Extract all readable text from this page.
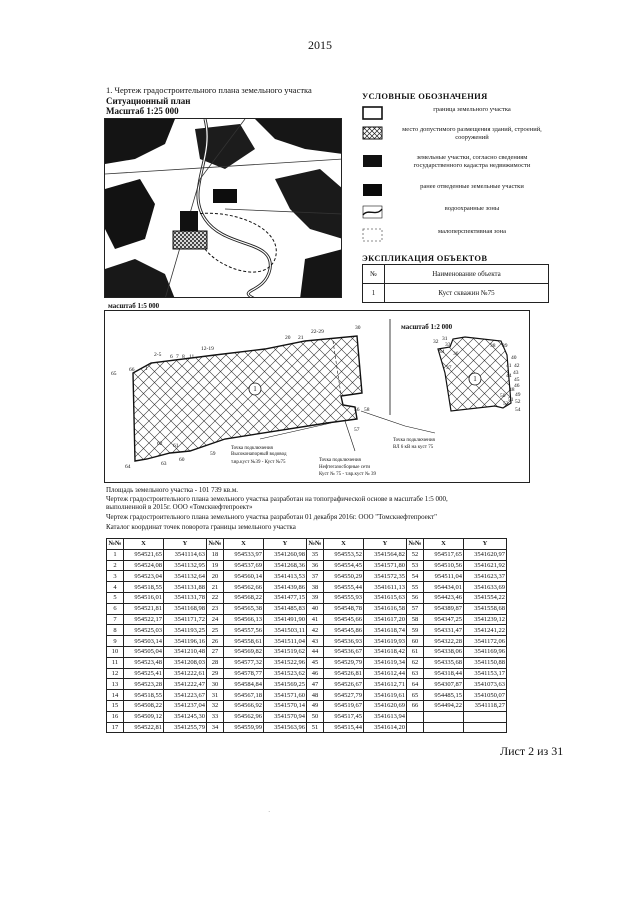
2015
1. Чертеж градостроительного плана земельного участка
Ситуационный план
Масштаб 1:25 000
УСЛОВНЫЕ ОБОЗНАЧЕНИЯ
граница земельного участка
место допустимого размещения зданий, строений, сооружений
земельные участки, согласно сведениям государственного кадастра недвижимости
ранее отведенные земельные участки
водоохранные зоны
малоперспективная зона
ЭКСПЛИКАЦИЯ ОБЪЕКТОВ
№	Наименование объекта
1	Куст скважин №75
масштаб 1:5 000
1
1
1
2-5 6 7 8 11
12-19
20 21
22-29
30
31
32 33
34 36
37
38 39
40
41 42
43
44
45
46
48
49
50
51 52
53
54
56
57
58
59
60
61
62
63
64
65
66
Точка подключения
Высоконапорный водовод
т.вр.куст №39 - Куст №75
Точка подключения
ВЛ 6 кВ на куст 75
Точка подключения
Нефтегазосборные сети
Куст № 75 - т.вр.куст № 39
масштаб 1:2 000
Площадь земельного участка - 101 739 кв.м.
Чертеж градостроительного плана земельного участка разработан на топографической основе в масштабе 1:5 000,
выполненной в 2015г. ООО «Томскнефтепроект»
Чертеж градостроительного плана земельного участка разработан 01 декабря 2016г. ООО "Томскнефтепроект"
Каталог координат точек поворота границы земельного участка
№№	X	Y	№№	X	Y	№№	X	Y	№№	X	Y
1	954521,65	3541114,63	18	954533,97	3541260,98	35	954553,52	3541564,82	52	954517,65	3541620,97
2	954524,08	3541132,95	19	954537,69	3541268,36	36	954554,45	3541571,80	53	954510,56	3541621,92
3	954523,04	3541132,64	20	954560,14	3541413,53	37	954550,29	3541572,35	54	954511,04	3541623,37
4	954518,55	3541131,88	21	954562,66	3541439,86	38	954555,44	3541611,13	55	954434,01	3541633,69
5	954516,01	3541131,78	22	954568,22	3541477,15	39	954555,93	3541615,63	56	954423,46	3541554,22
6	954521,81	3541168,98	23	954565,38	3541485,83	40	954548,78	3541616,58	57	954389,87	3541558,68
7	954522,17	3541171,72	24	954566,13	3541491,90	41	954545,66	3541617,20	58	954347,25	3541239,12
8	954525,03	3541193,25	25	954557,56	3541503,11	42	954545,86	3541618,74	59	954331,47	3541241,22
9	954503,14	3541196,16	26	954558,61	3541511,04	43	954536,93	3541619,93	60	954322,28	3541172,06
10	954505,04	3541210,48	27	954569,82	3541519,62	44	954536,67	3541618,42	61	954338,06	3541169,96
11	954523,48	3541208,03	28	954577,32	3541522,96	45	954529,79	3541619,34	62	954335,68	3541150,88
12	954525,41	3541222,61	29	954578,77	3541523,62	46	954526,81	3541612,44	63	954318,44	3541153,17
13	954523,28	3541222,47	30	954584,84	3541569,25	47	954526,67	3541612,71	64	954307,87	3541073,63
14	954518,55	3541223,67	31	954567,18	3541571,60	48	954527,79	3541619,61	65	954485,15	3541050,07
15	954508,22	3541237,04	32	954566,92	3541570,14	49	954519,67	3541620,69	66	954494,22	3541118,27
16	954509,12	3541245,30	33	954562,96	3541570,94	50	954517,45	3541613,94			
17	954522,81	3541255,79	34	954559,99	3541563,96	51	954515,44	3541614,20			
Лист 2 из 31
·
